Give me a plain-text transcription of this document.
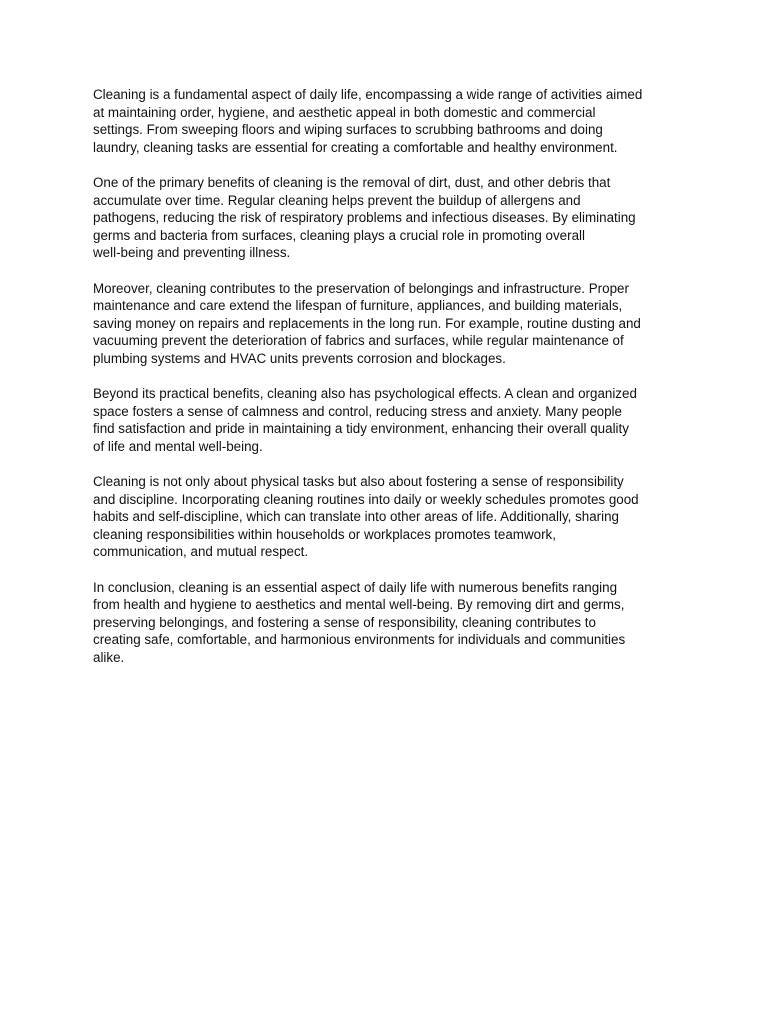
Cleaning is a fundamental aspect of daily life, encompassing a wide range of activities aimed
at maintaining order, hygiene, and aesthetic appeal in both domestic and commercial
settings. From sweeping floors and wiping surfaces to scrubbing bathrooms and doing
laundry, cleaning tasks are essential for creating a comfortable and healthy environment.

One of the primary benefits of cleaning is the removal of dirt, dust, and other debris that
accumulate over time. Regular cleaning helps prevent the buildup of allergens and
pathogens, reducing the risk of respiratory problems and infectious diseases. By eliminating
germs and bacteria from surfaces, cleaning plays a crucial role in promoting overall
well-being and preventing illness.

Moreover, cleaning contributes to the preservation of belongings and infrastructure. Proper
maintenance and care extend the lifespan of furniture, appliances, and building materials,
saving money on repairs and replacements in the long run. For example, routine dusting and
vacuuming prevent the deterioration of fabrics and surfaces, while regular maintenance of
plumbing systems and HVAC units prevents corrosion and blockages.

Beyond its practical benefits, cleaning also has psychological effects. A clean and organized
space fosters a sense of calmness and control, reducing stress and anxiety. Many people
find satisfaction and pride in maintaining a tidy environment, enhancing their overall quality
of life and mental well-being.

Cleaning is not only about physical tasks but also about fostering a sense of responsibility
and discipline. Incorporating cleaning routines into daily or weekly schedules promotes good
habits and self-discipline, which can translate into other areas of life. Additionally, sharing
cleaning responsibilities within households or workplaces promotes teamwork,
communication, and mutual respect.

In conclusion, cleaning is an essential aspect of daily life with numerous benefits ranging
from health and hygiene to aesthetics and mental well-being. By removing dirt and germs,
preserving belongings, and fostering a sense of responsibility, cleaning contributes to
creating safe, comfortable, and harmonious environments for individuals and communities
alike.
